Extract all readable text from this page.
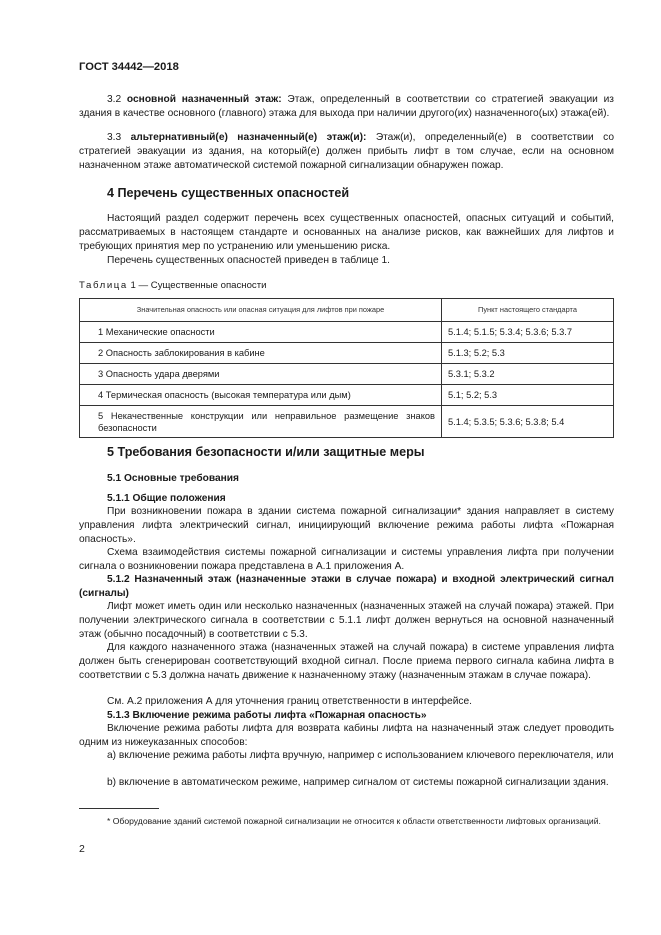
ГОСТ 34442—2018
3.2 основной назначенный этаж: Этаж, определенный в соответствии со стратегией эвакуации из здания в качестве основного (главного) этажа для выхода при наличии другого(их) назначенного(ых) этажа(ей).
3.3 альтернативный(е) назначенный(е) этаж(и): Этаж(и), определенный(е) в соответствии со стратегией эвакуации из здания, на который(е) должен прибыть лифт в том случае, если на основном назначенном этаже автоматической системой пожарной сигнализации обнаружен пожар.
4 Перечень существенных опасностей
Настоящий раздел содержит перечень всех существенных опасностей, опасных ситуаций и событий, рассматриваемых в настоящем стандарте и основанных на анализе рисков, как важнейших для лифтов и требующих принятия мер по устранению или уменьшению риска.
Перечень существенных опасностей приведен в таблице 1.
Таблица 1 — Существенные опасности
Значительная опасность или опасная ситуация для лифтов при пожаре	Пункт настоящего стандарта
1 Механические опасности	5.1.4; 5.1.5; 5.3.4; 5.3.6; 5.3.7
2 Опасность заблокирования в кабине	5.1.3; 5.2; 5.3
3 Опасность удара дверями	5.3.1; 5.3.2
4 Термическая опасность (высокая температура или дым)	5.1; 5.2; 5.3
5 Некачественные конструкции или неправильное размещение знаков безопасности	5.1.4; 5.3.5; 5.3.6; 5.3.8; 5.4
5 Требования безопасности и/или защитные меры
5.1 Основные требования
5.1.1 Общие положения
При возникновении пожара в здании система пожарной сигнализации* здания направляет в систему управления лифта электрический сигнал, инициирующий включение режима работы лифта «Пожарная опасность».
Схема взаимодействия системы пожарной сигнализации и системы управления лифта при получении сигнала о возникновении пожара представлена в А.1 приложения А.
5.1.2 Назначенный этаж (назначенные этажи в случае пожара) и входной электрический сигнал (сигналы)
Лифт может иметь один или несколько назначенных (назначенных этажей на случай пожара) этажей. При получении электрического сигнала в соответствии с 5.1.1 лифт должен вернуться на основной назначенный этаж (обычно посадочный) в соответствии с 5.3.
Для каждого назначенного этажа (назначенных этажей на случай пожара) в системе управления лифта должен быть сгенерирован соответствующий входной сигнал. После приема первого сигнала кабина лифта в соответствии с 5.3 должна начать движение к назначенному этажу (назначенным этажам в случае пожара).
См. А.2 приложения А для уточнения границ ответственности в интерфейсе.
5.1.3 Включение режима работы лифта «Пожарная опасность»
Включение режима работы лифта для возврата кабины лифта на назначенный этаж следует проводить одним из нижеуказанных способов:
а) включение режима работы лифта вручную, например с использованием ключевого переключателя, или
b) включение в автоматическом режиме, например сигналом от системы пожарной сигнализации здания.
* Оборудование зданий системой пожарной сигнализации не относится к области ответственности лифтовых организаций.
2
